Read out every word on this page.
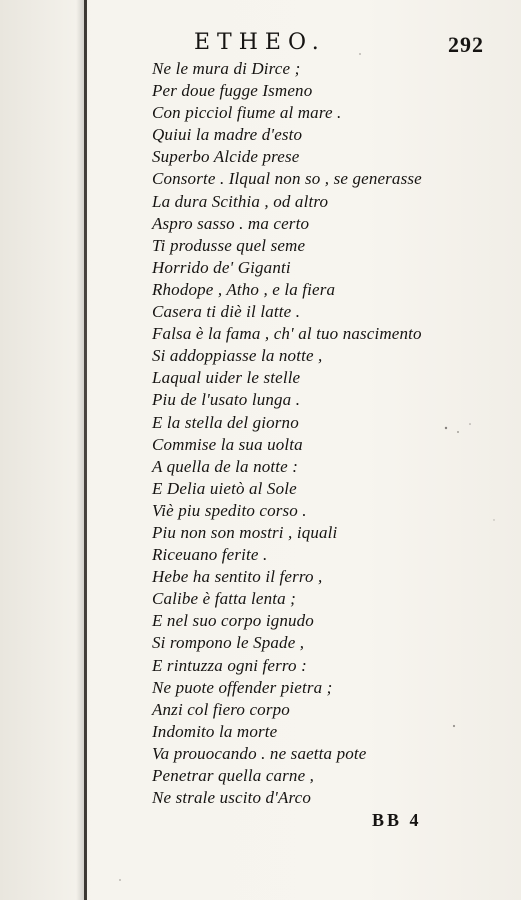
ETHEO.	292
Ne le mura di Dirce ;
Per doue fugge Ismeno
Con picciol fiume al mare .
Quiui la madre d'esto
Superbo Alcide prese
Consorte . Ilqual non so , se generasse
La dura Scithia , od altro
Aspro sasso . ma certo
Ti produsse quel seme
Horrido de' Giganti
Rhodope , Atho , e la fiera
Casera ti diè il latte .
Falsa è la fama , ch' al tuo nascimento
Si addoppiasse la notte ,
Laqual uider le stelle
Piu de l'usato lunga .
E la stella del giorno
Commise la sua uolta
A quella de la notte :
E Delia uietò al Sole
Viè piu spedito corso .
Piu non son mostri , iquali
Riceuano ferite .
Hebe ha sentito il ferro ,
Calibe è fatta lenta ;
E nel suo corpo ignudo
Si rompono le Spade ,
E rintuzza ogni ferro :
Ne puote offender pietra ;
Anzi col fiero corpo
Indomito la morte
Va prouocando . ne saetta pote
Penetrar quella carne ,
Ne strale uscito d'Arco
BB 4
